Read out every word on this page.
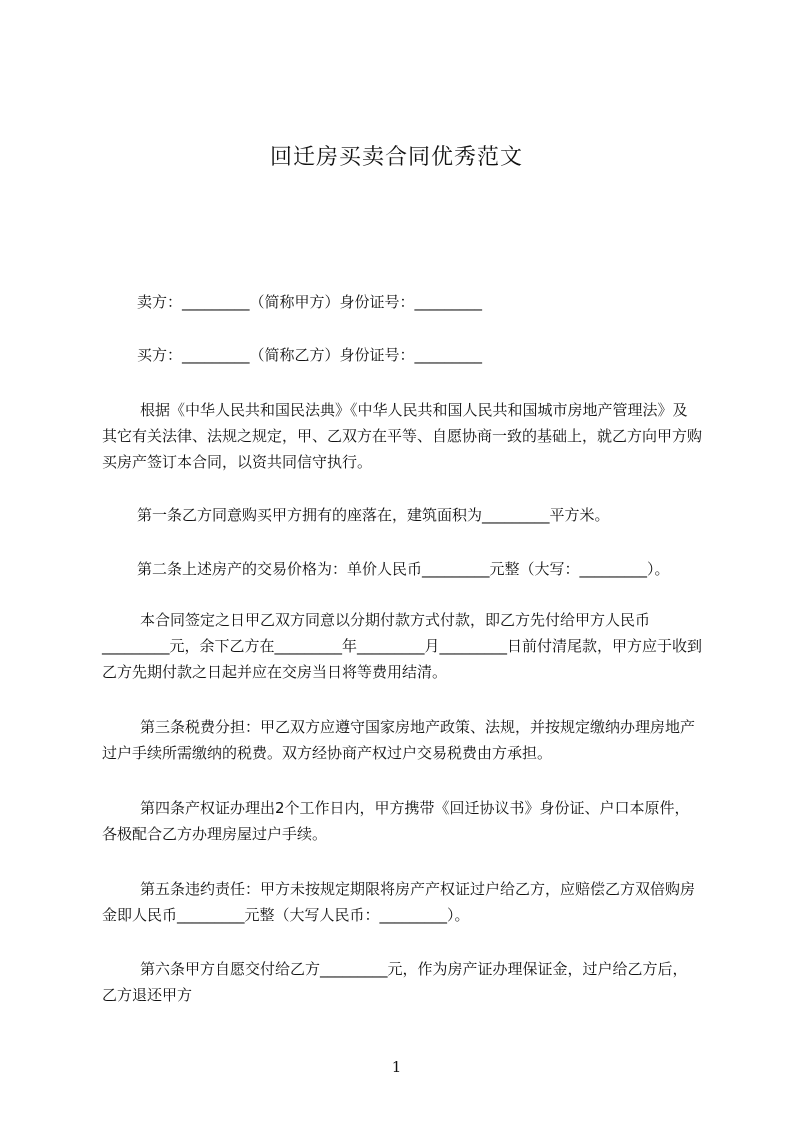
回迁房买卖合同优秀范文
卖方：_________（简称甲方）身份证号：_________
买方：_________（简称乙方）身份证号：_________
根据《中华人民共和国民法典》《中华人民共和国人民共和国城市房地产管理法》及其它有关法律、法规之规定，甲、乙双方在平等、自愿协商一致的基础上，就乙方向甲方购买房产签订本合同，以资共同信守执行。
第一条乙方同意购买甲方拥有的座落在，建筑面积为_________平方米。
第二条上述房产的交易价格为：单价人民币_________元整（大写：_________）。
本合同签定之日甲乙双方同意以分期付款方式付款，即乙方先付给甲方人民币_________元，余下乙方在_________年_________月_________日前付清尾款，甲方应于收到乙方先期付款之日起并应在交房当日将等费用结清。
第三条税费分担：甲乙双方应遵守国家房地产政策、法规，并按规定缴纳办理房地产过户手续所需缴纳的税费。双方经协商产权过户交易税费由方承担。
第四条产权证办理出2个工作日内，甲方携带《回迁协议书》身份证、户口本原件，各极配合乙方办理房屋过户手续。
第五条违约责任：甲方未按规定期限将房产产权证过户给乙方，应赔偿乙方双倍购房金即人民币_________元整（大写人民币：_________）。
第六条甲方自愿交付给乙方_________元，作为房产证办理保证金，过户给乙方后，乙方退还甲方
1
